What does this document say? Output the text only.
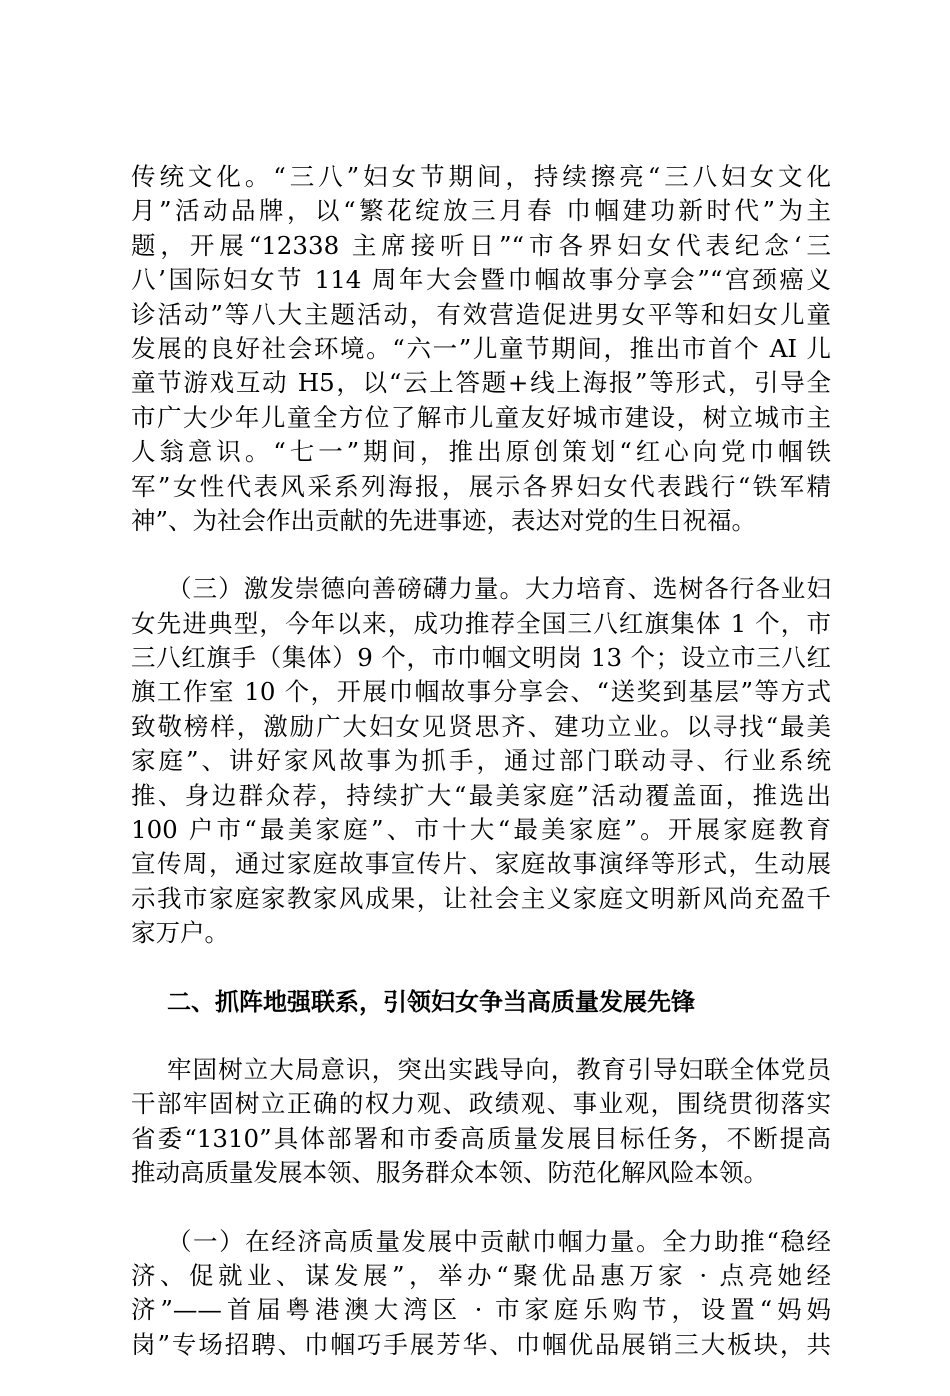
传统文化。“三八”妇女节期间，持续擦亮“三八妇女文化
月”活动品牌，以“繁花绽放三月春 巾帼建功新时代”为主
题，开展“12338 主席接听日”“市各界妇女代表纪念‘三
八’国际妇女节 114 周年大会暨巾帼故事分享会”“宫颈癌义
诊活动”等八大主题活动，有效营造促进男女平等和妇女儿童
发展的良好社会环境。“六一”儿童节期间，推出市首个 AI 儿
童节游戏互动 H5，以“云上答题+线上海报”等形式，引导全
市广大少年儿童全方位了解市儿童友好城市建设，树立城市主
人翁意识。“七一”期间，推出原创策划“红心向党巾帼铁
军”女性代表风采系列海报，展示各界妇女代表践行“铁军精
神”、为社会作出贡献的先进事迹，表达对党的生日祝福。
（三）激发崇德向善磅礴力量。大力培育、选树各行各业妇
女先进典型，今年以来，成功推荐全国三八红旗集体 1 个，市
三八红旗手（集体）9 个，市巾帼文明岗 13 个；设立市三八红
旗工作室 10 个，开展巾帼故事分享会、“送奖到基层”等方式
致敬榜样，激励广大妇女见贤思齐、建功立业。以寻找“最美
家庭”、讲好家风故事为抓手，通过部门联动寻、行业系统
推、身边群众荐，持续扩大“最美家庭”活动覆盖面，推选出
100 户市“最美家庭”、市十大“最美家庭”。开展家庭教育
宣传周，通过家庭故事宣传片、家庭故事演绎等形式，生动展
示我市家庭家教家风成果，让社会主义家庭文明新风尚充盈千
家万户。
二、抓阵地强联系，引领妇女争当高质量发展先锋
牢固树立大局意识，突出实践导向，教育引导妇联全体党员
干部牢固树立正确的权力观、政绩观、事业观，围绕贯彻落实
省委“1310”具体部署和市委高质量发展目标任务，不断提高
推动高质量发展本领、服务群众本领、防范化解风险本领。
（一）在经济高质量发展中贡献巾帼力量。全力助推“稳经
济、促就业、谋发展”，举办“聚优品惠万家 · 点亮她经
济”——首届粤港澳大湾区 · 市家庭乐购节，设置“妈妈
岗”专场招聘、巾帼巧手展芳华、巾帼优品展销三大板块，共
